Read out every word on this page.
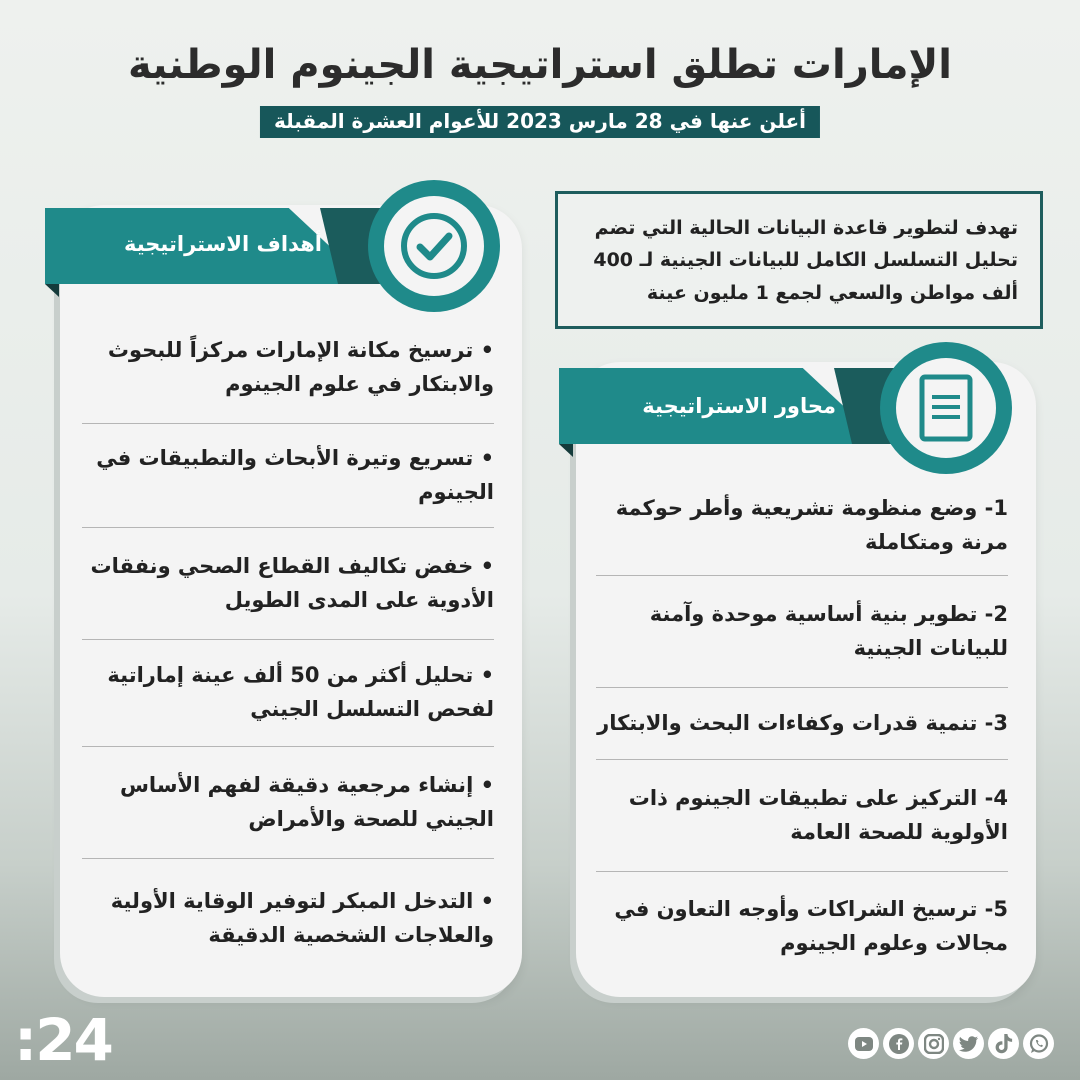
الإمارات تطلق استراتيجية الجينوم الوطنية
أعلن عنها في 28 مارس 2023 للأعوام العشرة المقبلة
تهدف لتطوير قاعدة البيانات الحالية التي تضم تحليل التسلسل الكامل للبيانات الجينية لـ 400 ألف مواطن والسعي لجمع 1 مليون عينة
أهداف الاستراتيجية
• ترسيخ مكانة الإمارات مركزاً للبحوث والابتكار في علوم الجينوم
• تسريع وتيرة الأبحاث والتطبيقات في الجينوم
• خفض تكاليف القطاع الصحي ونفقات الأدوية على المدى الطويل
• تحليل أكثر من 50 ألف عينة إماراتية لفحص التسلسل الجيني
• إنشاء مرجعية دقيقة لفهم الأساس الجيني للصحة والأمراض
• التدخل المبكر لتوفير الوقاية الأولية والعلاجات الشخصية الدقيقة
محاور الاستراتيجية
1- وضع منظومة تشريعية وأطر حوكمة مرنة ومتكاملة
2- تطوير بنية أساسية موحدة وآمنة للبيانات الجينية
3- تنمية قدرات وكفاءات البحث والابتكار
4- التركيز على تطبيقات الجينوم ذات الأولوية للصحة العامة
5- ترسيخ الشراكات وأوجه التعاون في مجالات وعلوم الجينوم
:24
